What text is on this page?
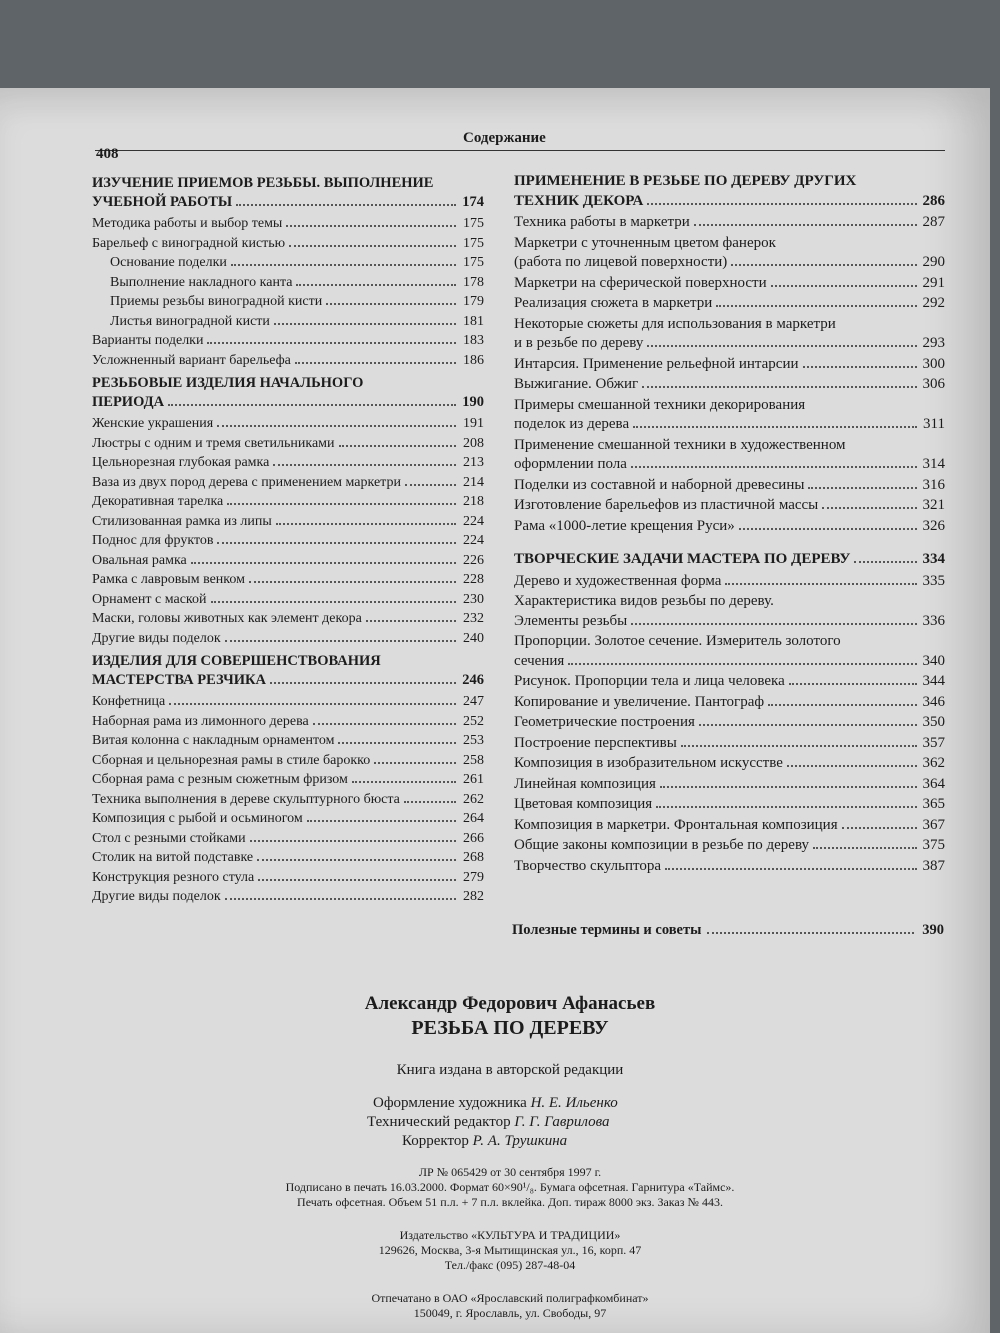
Содержание
408
ИЗУЧЕНИЕ ПРИЕМОВ РЕЗЬБЫ. ВЫПОЛНЕНИЕ
УЧЕБНОЙ РАБОТЫ	174
Методика работы и выбор темы	175
Барельеф с виноградной кистью	175
Основание поделки	175
Выполнение накладного канта	178
Приемы резьбы виноградной кисти	179
Листья виноградной кисти	181
Варианты поделки	183
Усложненный вариант барельефа	186
РЕЗЬБОВЫЕ ИЗДЕЛИЯ НАЧАЛЬНОГО
ПЕРИОДА	190
Женские украшения	191
Люстры с одним и тремя светильниками	208
Цельнорезная глубокая рамка	213
Ваза из двух пород дерева с применением маркетри	214
Декоративная тарелка	218
Стилизованная рамка из липы	224
Поднос для фруктов	224
Овальная рамка	226
Рамка с лавровым венком	228
Орнамент с маской	230
Маски, головы животных как элемент декора	232
Другие виды поделок	240
ИЗДЕЛИЯ ДЛЯ СОВЕРШЕНСТВОВАНИЯ
МАСТЕРСТВА РЕЗЧИКА	246
Конфетница	247
Наборная рама из лимонного дерева	252
Витая колонна с накладным орнаментом	253
Сборная и цельнорезная рамы в стиле барокко	258
Сборная рама с резным сюжетным фризом	261
Техника выполнения в дереве скульптурного бюста	262
Композиция с рыбой и осьминогом	264
Стол с резными стойками	266
Столик на витой подставке	268
Конструкция резного стула	279
Другие виды поделок	282
ПРИМЕНЕНИЕ В РЕЗЬБЕ ПО ДЕРЕВУ ДРУГИХ
ТЕХНИК ДЕКОРА	286
Техника работы в маркетри	287
Маркетри с уточненным цветом фанерок
(работа по лицевой поверхности)	290
Маркетри на сферической поверхности	291
Реализация сюжета в маркетри	292
Некоторые сюжеты для использования в маркетри
и в резьбе по дереву	293
Интарсия. Применение рельефной интарсии	300
Выжигание. Обжиг	306
Примеры смешанной техники декорирования
поделок из дерева	311
Применение смешанной техники в художественном
оформлении пола	314
Поделки из составной и наборной древесины	316
Изготовление барельефов из пластичной массы	321
Рама «1000-летие крещения Руси»	326
ТВОРЧЕСКИЕ ЗАДАЧИ МАСТЕРА ПО ДЕРЕВУ	334
Дерево и художественная форма	335
Характеристика видов резьбы по дереву.
Элементы резьбы	336
Пропорции. Золотое сечение. Измеритель золотого
сечения	340
Рисунок. Пропорции тела и лица человека	344
Копирование и увеличение. Пантограф	346
Геометрические построения	350
Построение перспективы	357
Композиция в изобразительном искусстве	362
Линейная композиция	364
Цветовая композиция	365
Композиция в маркетри. Фронтальная композиция	367
Общие законы композиции в резьбе по дереву	375
Творчество скульптора	387
Полезные термины и советы	390
Александр Федорович Афанасьев
РЕЗЬБА ПО ДЕРЕВУ
Книга издана в авторской редакции
Оформление художника Н. Е. Ильенко
Технический редактор Г. Г. Гаврилова
Корректор Р. А. Трушкина
ЛР № 065429 от 30 сентября 1997 г.
Подписано в печать 16.03.2000. Формат 60×90¹/₈. Бумага офсетная. Гарнитура «Таймс».
Печать офсетная. Объем 51 п.л. + 7 п.л. вклейка. Доп. тираж 8000 экз. Заказ № 443.
Издательство «КУЛЬТУРА И ТРАДИЦИИ»
129626, Москва, 3-я Мытищинская ул., 16, корп. 47
Тел./факс (095) 287-48-04
Отпечатано в ОАО «Ярославский полиграфкомбинат»
150049, г. Ярославль, ул. Свободы, 97
